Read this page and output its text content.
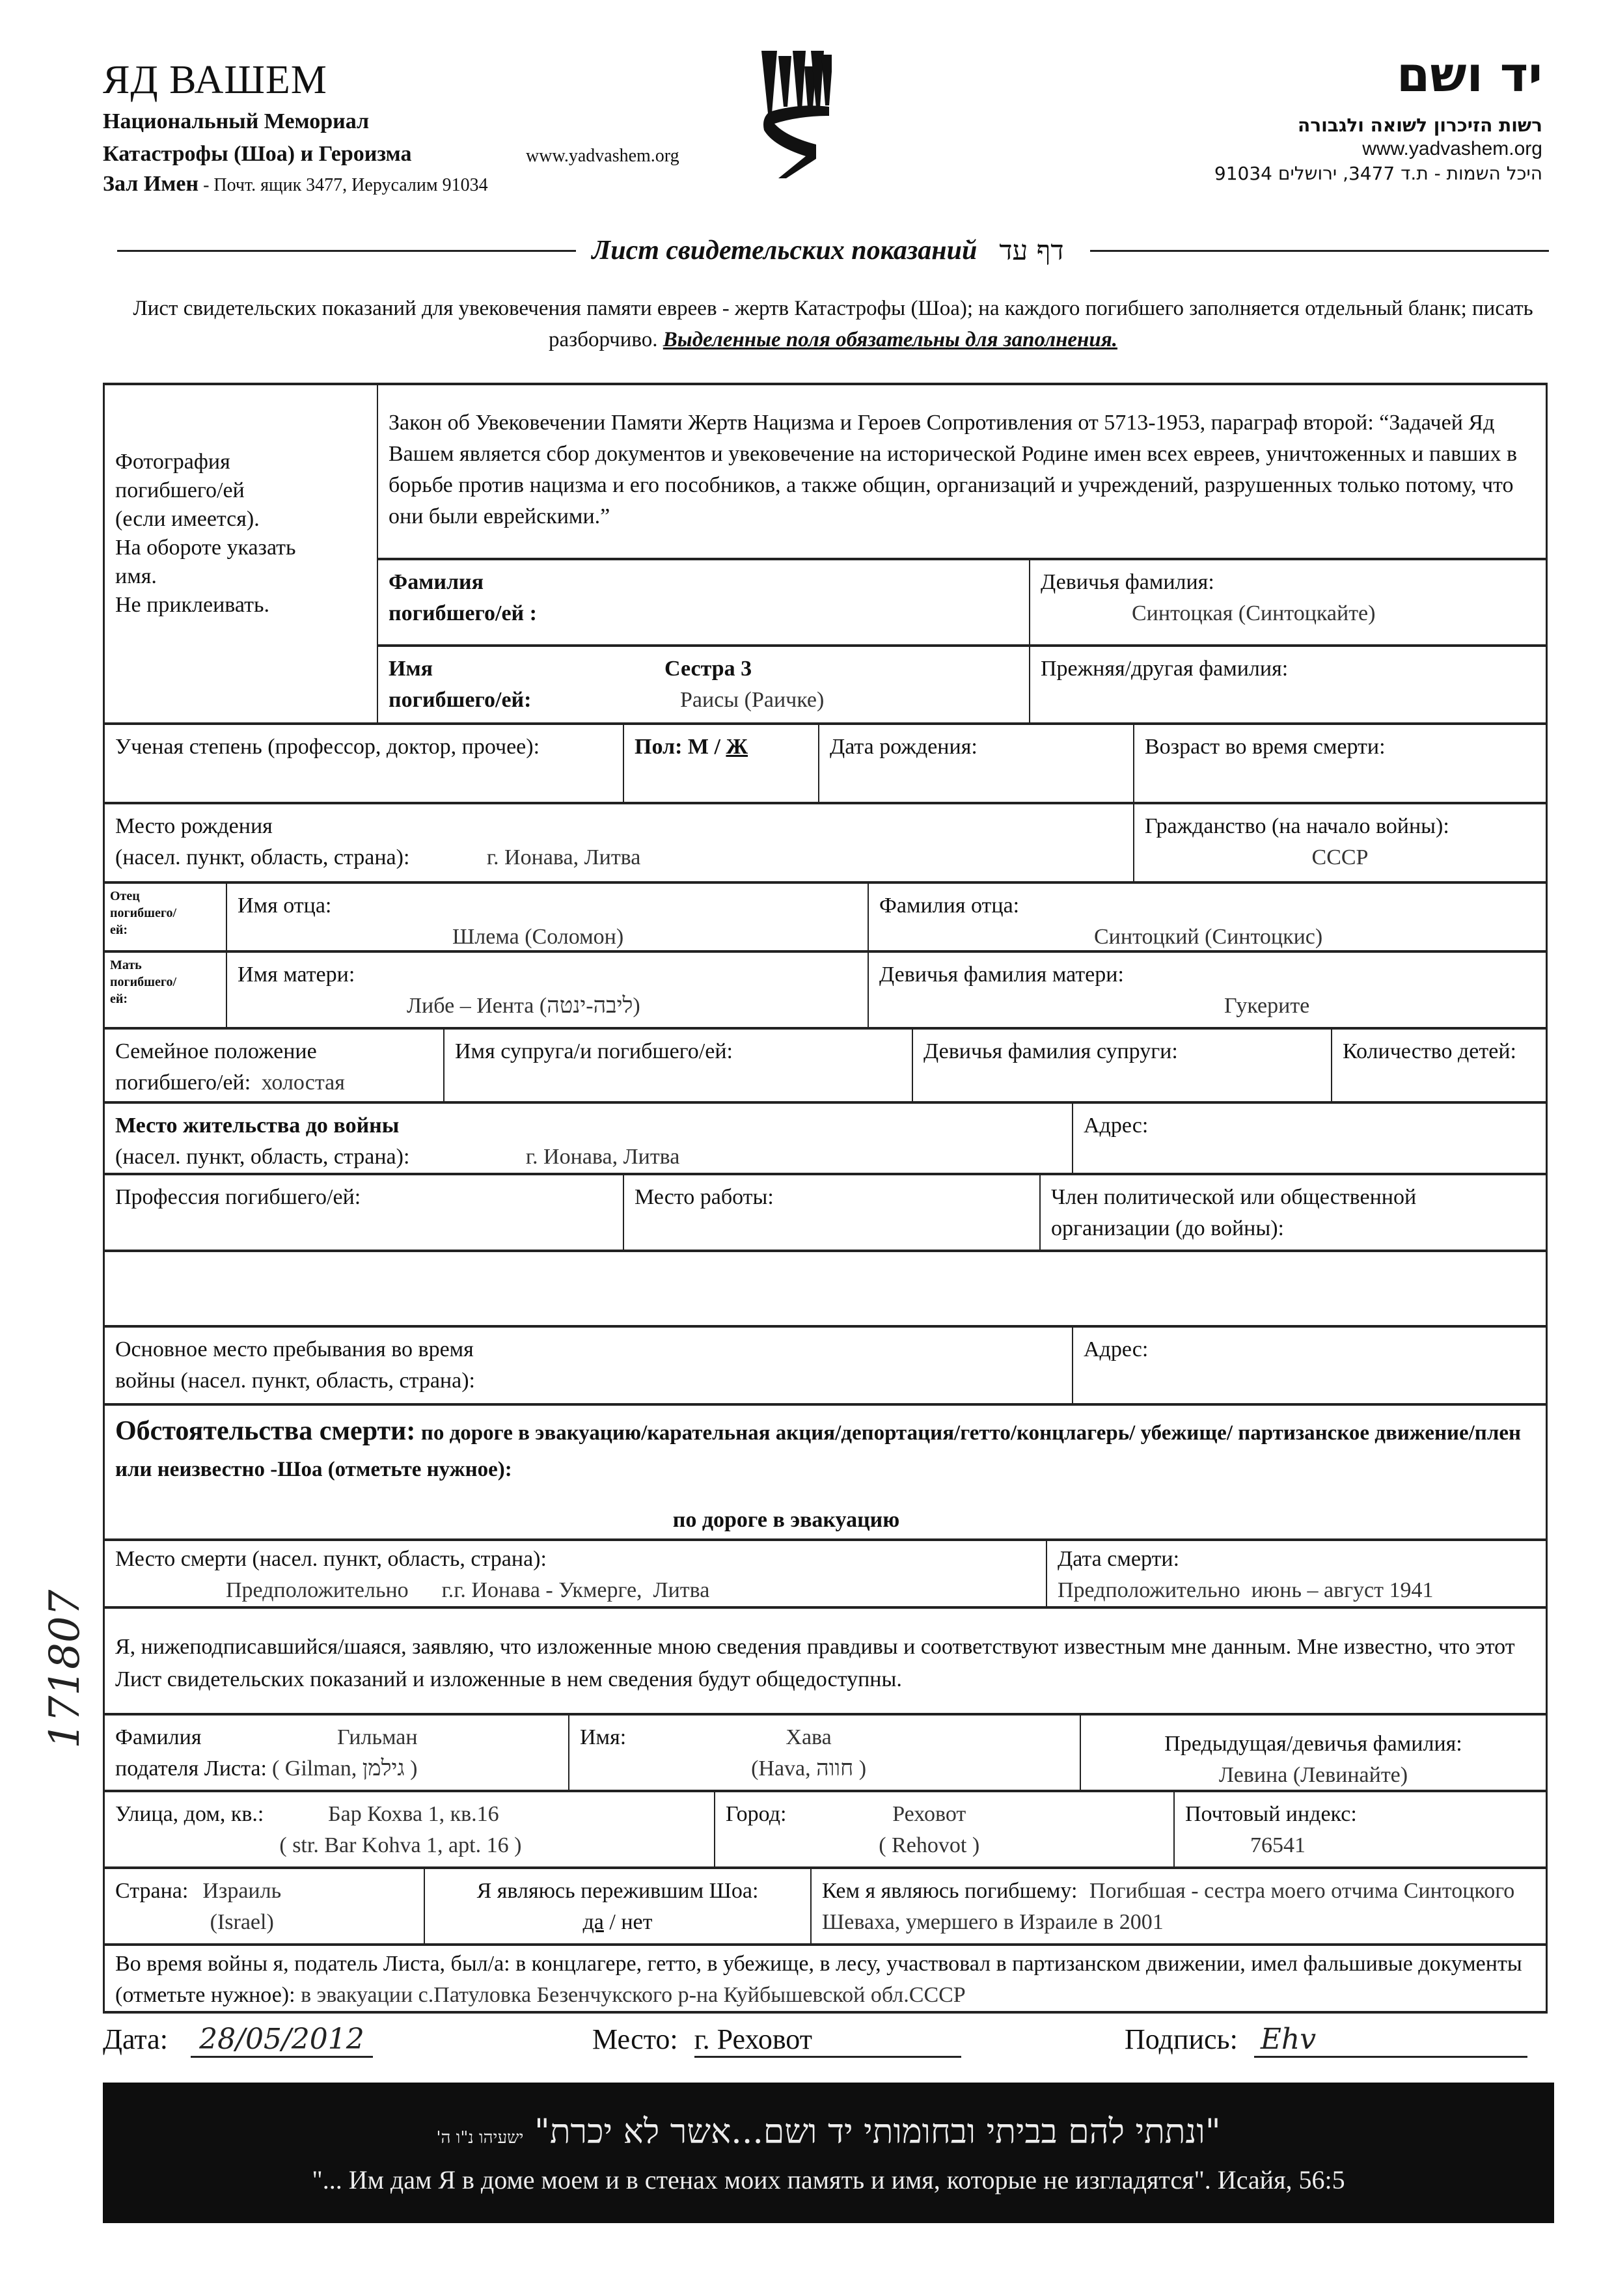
ЯД ВАШЕМ
Национальный Мемориал
Катастрофы (Шоа) и Героизма	www.yadvashem.org
Зал Имен - Почт. ящик 3477, Иерусалим 91034
יד ושם
רשות הזיכרון לשואה ולגבורה
www.yadvashem.org
היכל השמות - ת.ד 3477, ירושלים 91034
Лист свидетельских показаний דף עד
Лист свидетельских показаний для увековечения памяти евреев - жертв Катастрофы (Шоа); на каждого погибшего заполняется отдельный бланк; писать разборчиво. Выделенные поля обязательны для заполнения.
Фотография
погибшего/ей
(если имеется).
На обороте указать
имя.
Не приклеивать.
Закон об Увековечении Памяти Жертв Нацизма и Героев Сопротивления от 5713-1953, параграф второй: “Задачей Яд Вашем является сбор документов и увековечение на исторической Родине имен всех евреев, уничтоженных и павших в борьбе против нацизма и его пособников, а также общин, организаций и учреждений, разрушенных только потому, что они были еврейскими.”
Фамилия
погибшего/ей :
Девичья фамилия:
Синтоцкая (Синтоцкайте)
Имя
погибшего/ей:
Сестра 3
Раисы (Раичке)
Прежняя/другая фамилия:
Ученая степень (профессор, доктор, прочее):	Пол: М / Ж	Дата рождения:	Возраст во время смерти:
Место рождения
(насел. пункт, область, страна):	г. Ионава, Литва
Гражданство (на начало войны):
СССР
Отец
погибшего/
ей:
Имя отца:
Шлема (Соломон)
Фамилия отца:
Синтоцкий (Синтоцкис)
Мать
погибшего/
ей:
Имя матери:
Либе – Иента (ליבה-ינטה)
Девичья фамилия матери:
Гукерите
Семейное положение
погибшего/ей: холостая
Имя супруга/и погибшего/ей:	Девичья фамилия супруги:	Количество детей:
Место жительства до войны
(насел. пункт, область, страна):	г. Ионава, Литва
Адрес:
Профессия погибшего/ей:	Место работы:	Член политической или общественной организации (до войны):
Основное место пребывания во время
войны (насел. пункт, область, страна):
Адрес:
Обстоятельства смерти: по дороге в эвакуацию/карательная акция/депортация/гетто/концлагерь/ убежище/ партизанское движение/плен или неизвестно -Шоа (отметьте нужное):
по дороге в эвакуацию
Место смерти (насел. пункт, область, страна):
Предположительно      г.г. Ионава - Укмерге,  Литва
Дата смерти:
Предположительно  июнь – август 1941
Я, нижеподписавшийся/шаяся, заявляю, что изложенные мною сведения правдивы и соответствуют известным мне данным. Мне известно, что этот Лист свидетельских показаний и изложенные в нем сведения будут общедоступны.
Фамилия
подателя Листа:
Гильман
( Gilman, גילמן )
Имя:	Хава
(Hava, חווה )
Предыдущая/девичья фамилия:
Левина (Левинайте)
Улица, дом, кв.:	Бар Кохва 1, кв.16
( str. Bar Kohva 1, apt. 16 )
Город:	Реховот
( Rehovot )
Почтовый индекс:
76541
Страна: Израиль
(Israel)
Я являюсь пережившим Шоа:
да / нет
Кем я являюсь погибшему: Погибшая - сестра моего отчима Синтоцкого Шеваха, умершего в Израиле в 2001
Во время войны я, податель Листа, был/а: в концлагере, гетто, в убежище, в лесу, участвовал в партизанском движении, имел фальшивые документы (отметьте нужное): в эвакуации с.Патуловка Безенчукского р-на Куйбышевской обл.СССР
Дата: 28/05/2012	Место: г. Реховот	Подпись: Ehv
171807
"ונתתי להם בביתי ובחומותי יד ושם...אשר לא יכרת" ישעיהו נ"ו ה'
"... Им дам Я в доме моем и в стенах моих память и имя, которые не изгладятся". Исайя, 56:5
